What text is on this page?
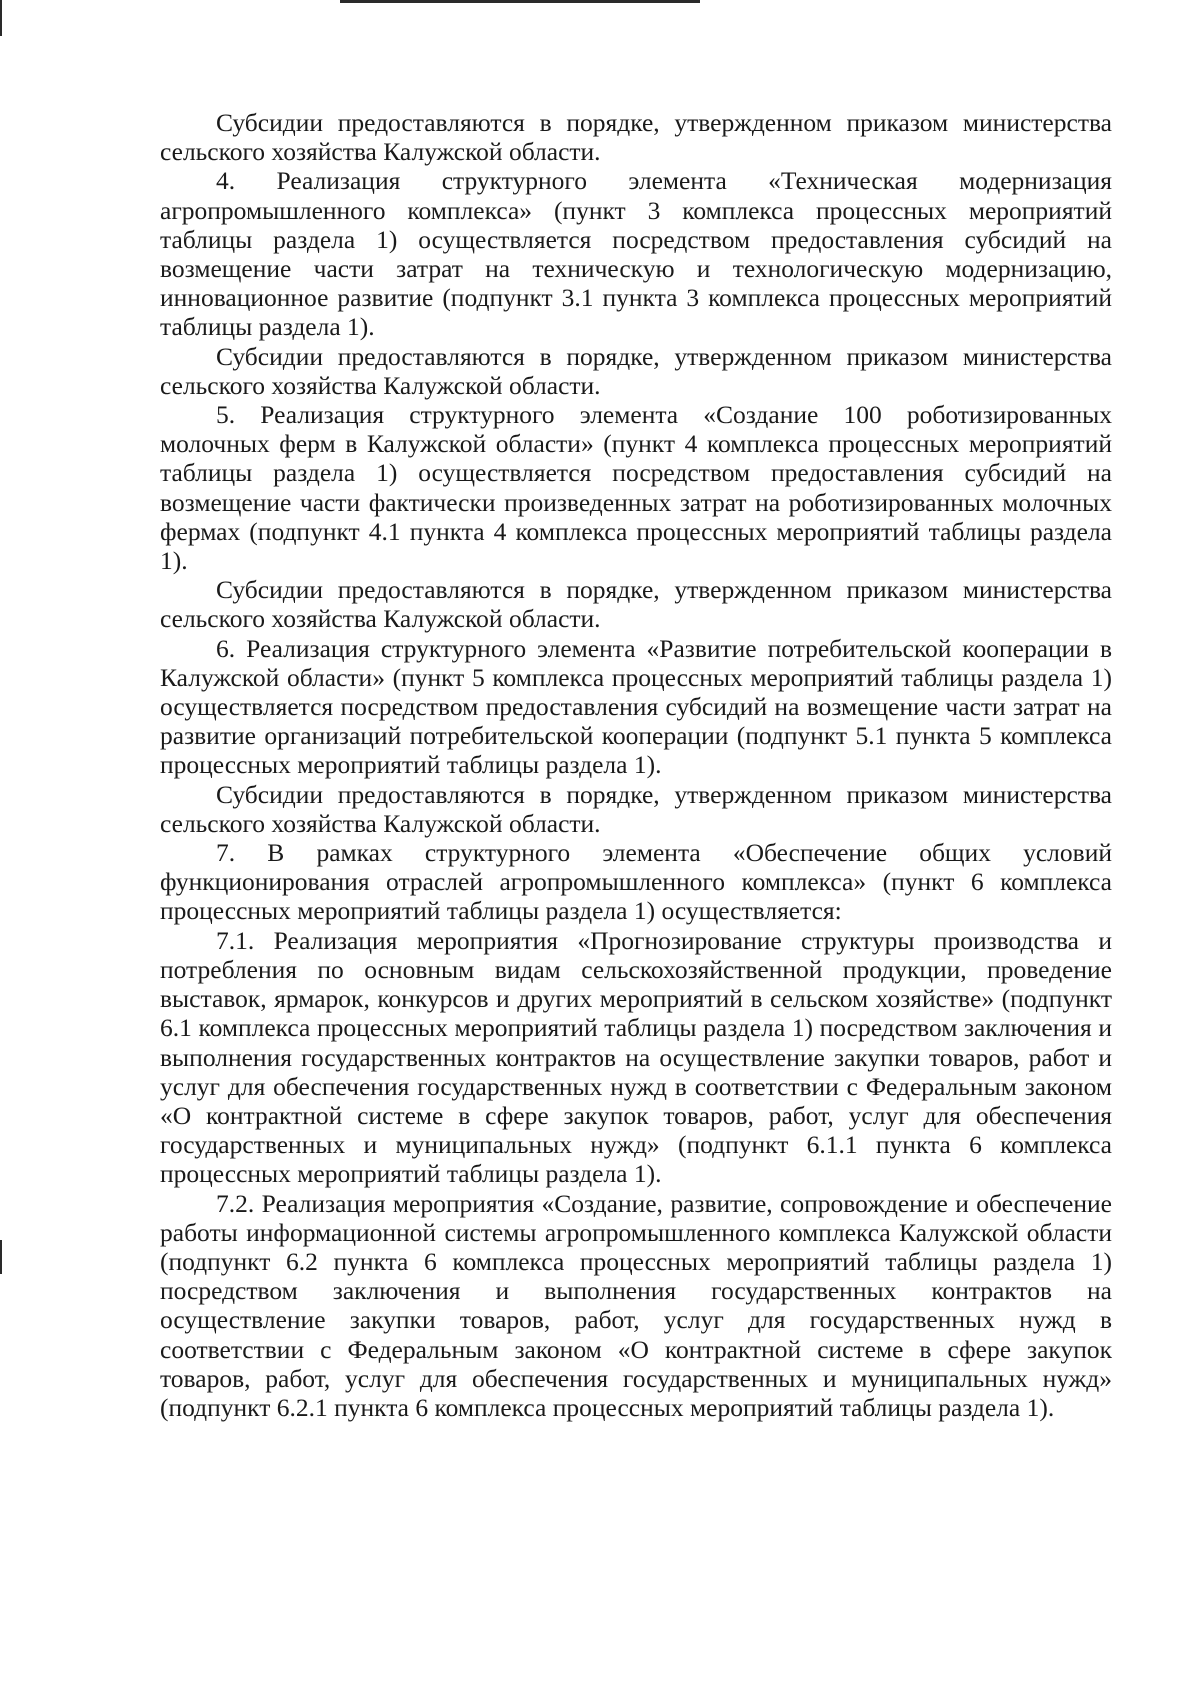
Субсидии предоставляются в порядке, утвержденном приказом министерства сельского хозяйства Калужской области.

4. Реализация структурного элемента «Техническая модернизация агропромышленного комплекса» (пункт 3 комплекса процессных мероприятий таблицы раздела 1) осуществляется посредством предоставления субсидий на возмещение части затрат на техническую и технологическую модернизацию, инновационное развитие (подпункт 3.1 пункта 3 комплекса процессных мероприятий таблицы раздела 1).

Субсидии предоставляются в порядке, утвержденном приказом министерства сельского хозяйства Калужской области.

5. Реализация структурного элемента «Создание 100 роботизированных молочных ферм в Калужской области» (пункт 4 комплекса процессных мероприятий таблицы раздела 1) осуществляется посредством предоставления субсидий на возмещение части фактически произведенных затрат на роботизированных молочных фермах (подпункт 4.1 пункта 4 комплекса процессных мероприятий таблицы раздела 1).

Субсидии предоставляются в порядке, утвержденном приказом министерства сельского хозяйства Калужской области.

6. Реализация структурного элемента «Развитие потребительской кооперации в Калужской области» (пункт 5 комплекса процессных мероприятий таблицы раздела 1) осуществляется посредством предоставления субсидий на возмещение части затрат на развитие организаций потребительской кооперации (подпункт 5.1 пункта 5 комплекса процессных мероприятий таблицы раздела 1).

Субсидии предоставляются в порядке, утвержденном приказом министерства сельского хозяйства Калужской области.

7. В рамках структурного элемента «Обеспечение общих условий функционирования отраслей агропромышленного комплекса» (пункт 6 комплекса процессных мероприятий таблицы раздела 1) осуществляется:

7.1. Реализация мероприятия «Прогнозирование структуры производства и потребления по основным видам сельскохозяйственной продукции, проведение выставок, ярмарок, конкурсов и других мероприятий в сельском хозяйстве» (подпункт 6.1 комплекса процессных мероприятий таблицы раздела 1) посредством заключения и выполнения государственных контрактов на осуществление закупки товаров, работ и услуг для обеспечения государственных нужд в соответствии с Федеральным законом «О контрактной системе в сфере закупок товаров, работ, услуг для обеспечения государственных и муниципальных нужд» (подпункт 6.1.1 пункта 6 комплекса процессных мероприятий таблицы раздела 1).

7.2. Реализация мероприятия «Создание, развитие, сопровождение и обеспечение работы информационной системы агропромышленного комплекса Калужской области (подпункт 6.2 пункта 6 комплекса процессных мероприятий таблицы раздела 1) посредством заключения и выполнения государственных контрактов на осуществление закупки товаров, работ, услуг для государственных нужд в соответствии с Федеральным законом «О контрактной системе в сфере закупок товаров, работ, услуг для обеспечения государственных и муниципальных нужд» (подпункт 6.2.1 пункта 6 комплекса процессных мероприятий таблицы раздела 1).
